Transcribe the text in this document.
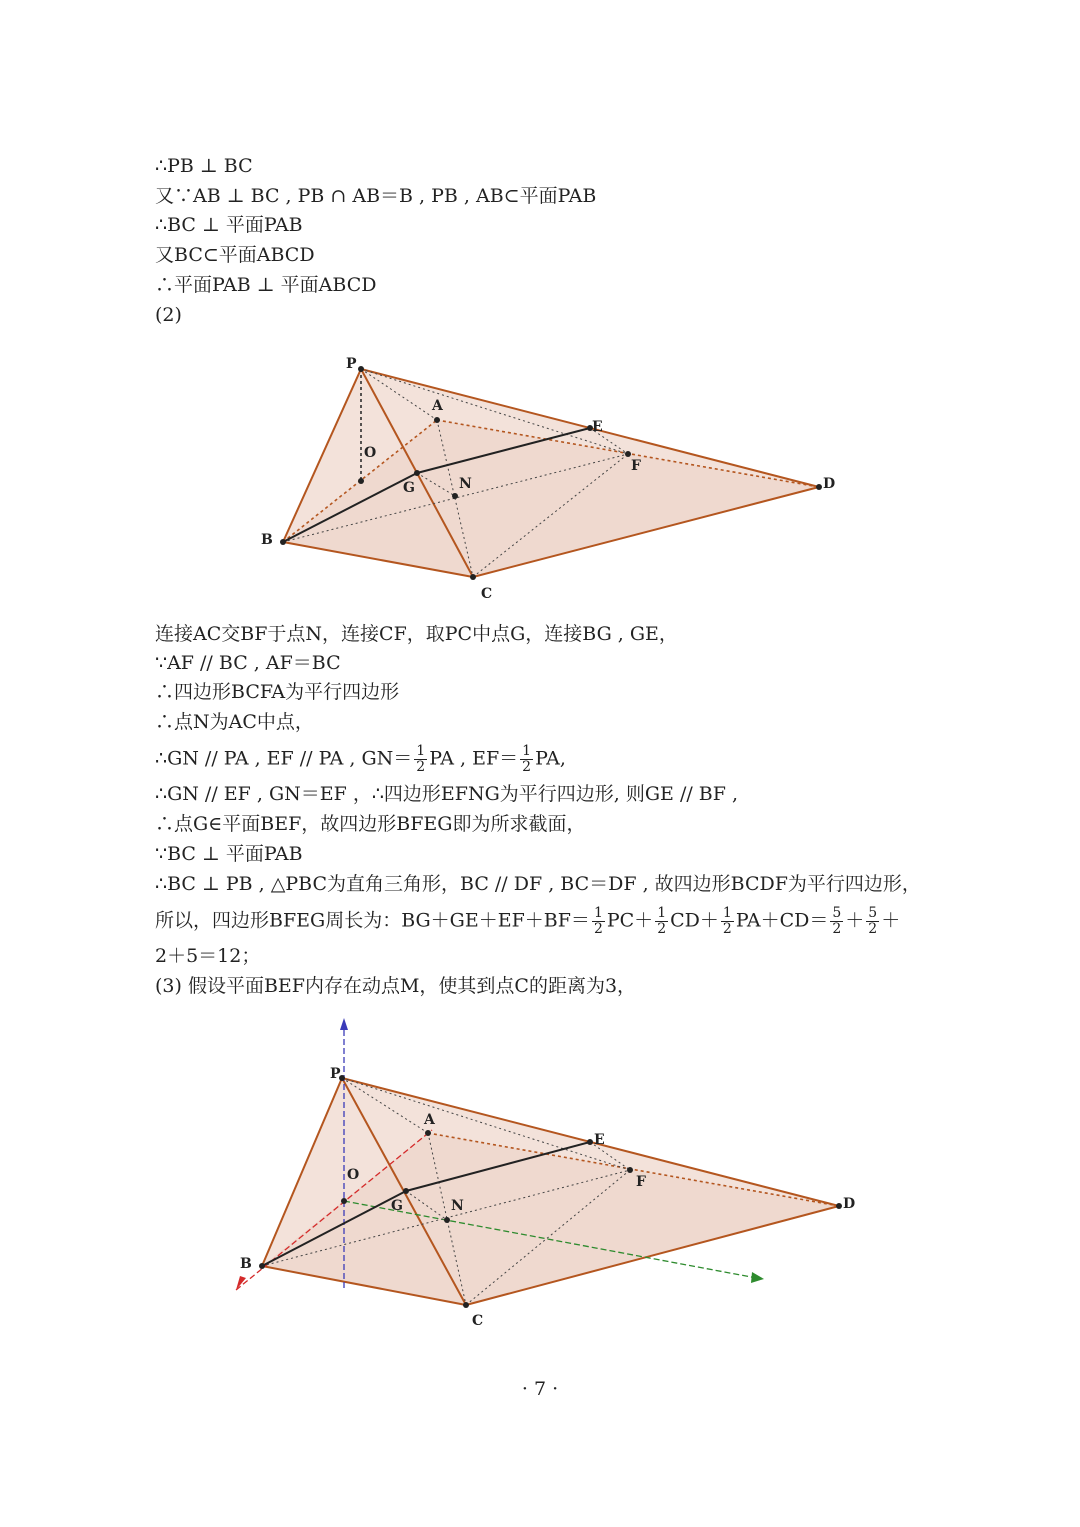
∴PB ⊥ BC
又∵AB ⊥ BC , PB ∩ AB＝B , PB , AB⊂平面PAB
∴BC ⊥ 平面PAB
又BC⊂平面ABCD
∴平面PAB ⊥ 平面ABCD
(2)
P
A
E
O
F
G	N	D
B
C
连接AC交BF于点N，连接CF，取PC中点G，连接BG , GE，
∵AF // BC , AF＝BC
∴四边形BCFA为平行四边形
∴点N为AC中点，
∴GN // PA , EF // PA , $GN= \frac{1}{2}$ PA , $EF= \frac{1}{2}$ PA,
∴GN // EF , GN＝EF ，∴四边形EFNG为平行四边形, 则GE // BF ,
∴点G∈平面BEF，故四边形BFEG即为所求截面，
∵BC ⊥ 平面PAB
∴BC ⊥ PB , △PBC为直角三角形，BC // DF , BC＝DF , 故四边形BCDF为平行四边形，
所以，四边形BFEG周长为：$BG+GE+EF+BF= \frac{1}{2} PC+ \frac{1}{2} CD+ \frac{1}{2} PA+CD= \frac{5}{2} + \frac{5}{2}$ ＋
2＋5＝12；
(3) 假设平面BEF内存在动点M，使其到点C的距离为3，
P
A
E
O	F
G	N	D
B
C
· 7 ·
